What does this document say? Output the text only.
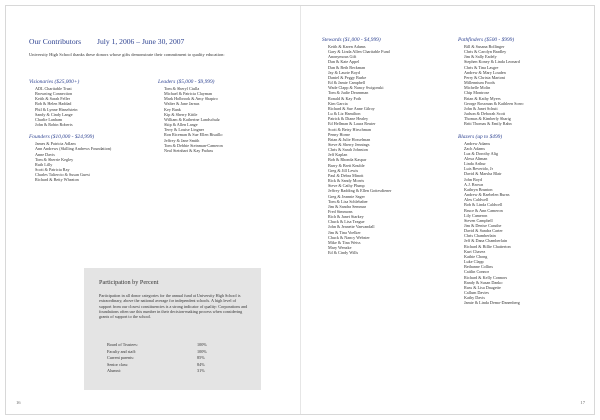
Our Contributors July 1, 2006 – June 30, 2007
University High School thanks these donors whose gifts demonstrate their commitment to quality education:
Visionaries ($25,000+)
ADL Charitable Trust
Browning Connection
Keith & Sarah Feller
Bob & Helen Haddad
Phil & Lynne Hinselstein
Sandy & Cindy Lange
Charlie Lanham
John & Robin Roberts
Founders ($10,000 - $24,999)
James & Patricia Adlam
Ann Andrews (Skilling Andrews Foundation)
Anne Davis
Tom & Sherrie Kegley
Ruth Lilly
Scott & Patricia Ray
Charles Taliercio & Susan Guest
Richard & Betty Wheaton
Leaders ($5,000 - $9,999)
Tom & Sheryl Ciulla
Michael & Patricia Clayman
Mark Holbrook & Amy Shapiro
Walter & Jane Jarnas
Key Bank
Kip & Sherry Kittle
William & Katherine Landschulz
Skip & Allen Lange
Terry & Louise Lingner
Ron Riceman & Sue Ellen Bisaillo
Jeffrey & Jane Smith
Tom & Debbie Steinman-Cameron
Neal Steinhart & Kay Paduss
Participation by Percent
Participation in all donor categories for the annual fund at University High School is extraordinary, above the national average for independent schools. A high level of support from our closest constituencies is a strong indicator of quality: Corporations and foundations often use this number in their decision-making process when considering grants of support to the school.
Board of Trustees:	100%
Faculty and staff:	100%
Current parents:	85%
Senior class:	84%
Alumni:	31%
16
Stewards ($1,000 - $4,999)
Keith & Karen Adams
Gary & Linda Allen Charitable Fund
Anonymous Gift
Dan & Kate Appel
Dan & Beth Beckman
Jay & Laurie Boyd
Daniel & Peggy Burke
Ed & Jamie Campbell
Wade Clapp & Nancy Swigonski
Tom & Judie Dearnman
Ronald & Kay Foth
Kim Garcia
Richard & Sue Anne Gilroy
Lu & Liz Hamilton
Patrick & Diane Healey
Ed Hellman & Laura Reuter
Scott & Betsy Hirschman
Penny Horne
Brian & Julie Hosselman
Steve & Sherry Jennings
Chris & Sarah Johnston
Jeff Kaplan
Bob & Rhonda Kaspar
Barry & Brett Knuble
Greg & Jill Lewis
Paul & Debra Minott
Rick & Sandy Morris
Steve & Cathy Plump
Jeffrey Radding & Ellen Gottesdiener
Greg & Jeannie Sager
Tom & Lisa Schlebaber
Jim & Sandra Semmar
Fred Simmons
Rich & Janet Starkey
Chuck & Lisa Teague
John & Jeanette Vanvandall
Jim & Tina Voelker
Chuck & Nancy Webster
Mike & Tina Weiss
Mary Wenzke
Ed & Cindy Wills
Pathfinders ($500 - $999)
Bill & Susana Bollinger
Chris & Carolyn Bradley
Jim & Sally Eadely
Stephen Koney & Linda Leonard
Chris & Tina Lasgre
Andrew & Mary Louden
Perry & Christa Martoni
Millennium Foods
Michelle Molin
Chip Montrose
Brian & Kathy Myers
George Rossman & Kathleen Sorro
John & Janet Schutt
Judson & Deborah Scott
Thomas & Kimberly Sharig
Britt Thomas & Emily Rahn
Blazers (up to $499)
Andrew Adams
Zach Adams
Luz & Dorothy Alig
Alexa Altman
Linda Arthur
Luis Beverido, Jr
David & Marsha Blair
John Boyd
A.J. Brown
Kathryn Brunton
Andrew & Raebelen Burns
Alex Caldwell
Bob & Linda Caldwell
Bruce & Ann Cameron
Lily Cameron
Steven Campbell
Jim & Denise Caruthe
David & Sandra Carter
Chris Chamberlain
Jeff & Dana Chamberlain
Richard & Billie Chatterton
Kurt Chavez
Kathie Chong
Luke Clapp
Bethanne Collins
Caitlin Connor
Richard & Kelly Connors
Randy & Susan Danko
Russ & Lisa Daugette
Callum Davies
Kathy Davis
Jamie & Linda Demo-Danenberg
17
